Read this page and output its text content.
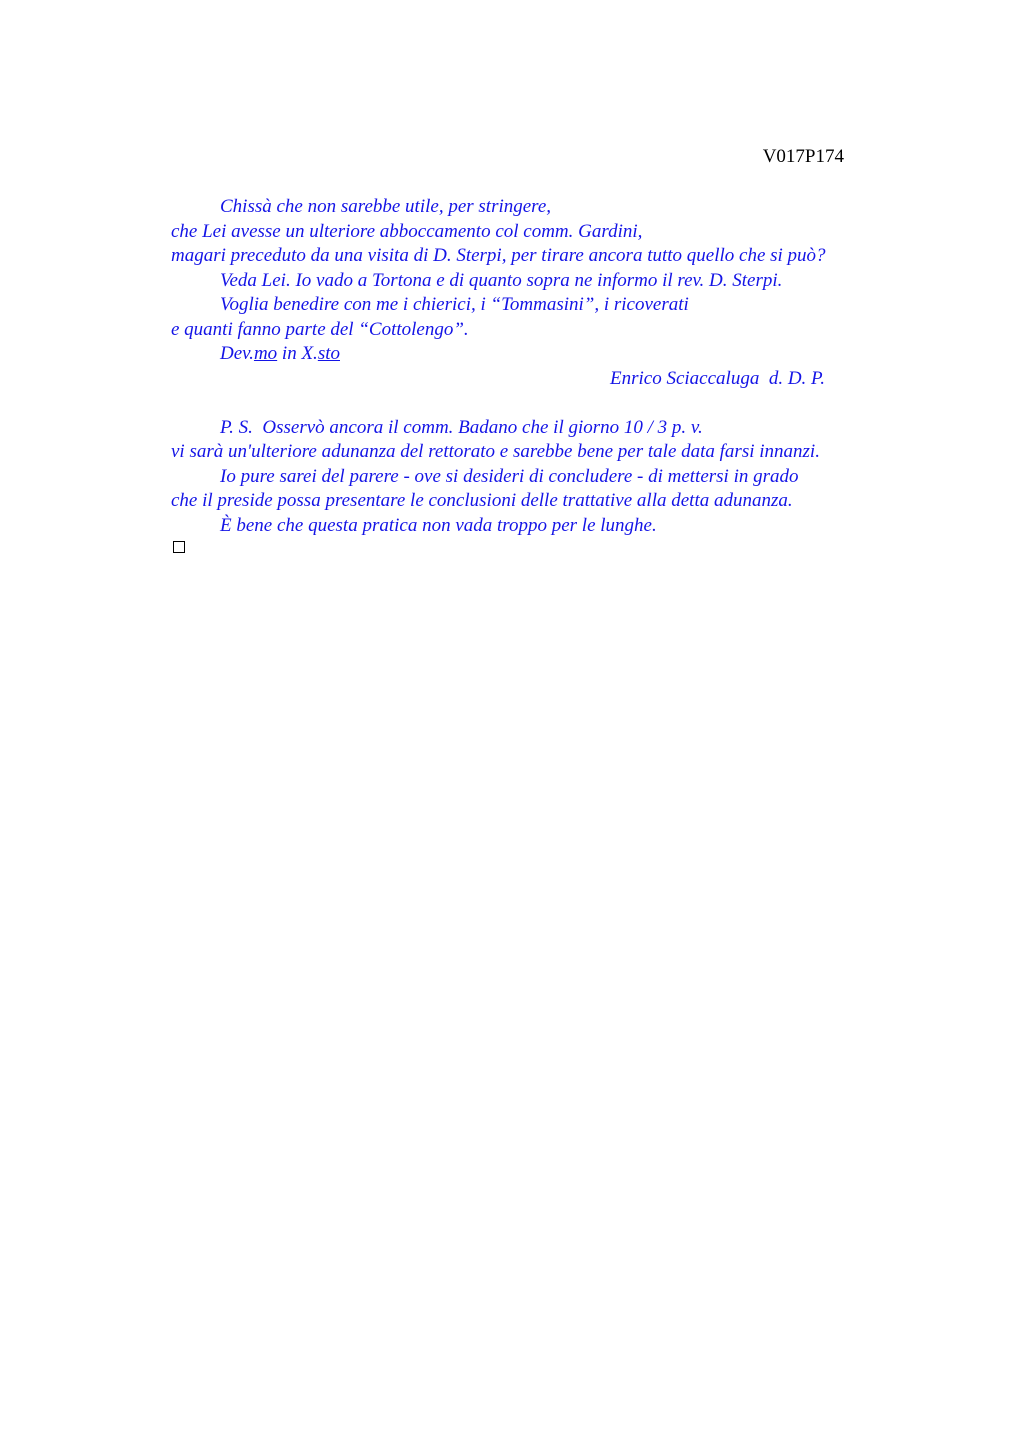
V017P174
Chissà che non sarebbe utile, per stringere,
che Lei avesse un ulteriore abboccamento col comm. Gardini,
magari preceduto da una visita di D. Sterpi, per tirare ancora tutto quello che si può?
Veda Lei. Io vado a Tortona e di quanto sopra ne informo il rev. D. Sterpi.
Voglia benedire con me i chierici, i “Tommasini”, i ricoverati
e quanti fanno parte del “Cottolengo”.
Dev.mo in X.sto
Enrico Sciaccaluga  d. D. P.
P. S.  Osservò ancora il comm. Badano che il giorno 10 / 3 p. v.
vi sarà un'ulteriore adunanza del rettorato e sarebbe bene per tale data farsi innanzi.
Io pure sarei del parere - ove si desideri di concludere - di mettersi in grado
che il preside possa presentare le conclusioni delle trattative alla detta adunanza.
È bene che questa pratica non vada troppo per le lunghe.
